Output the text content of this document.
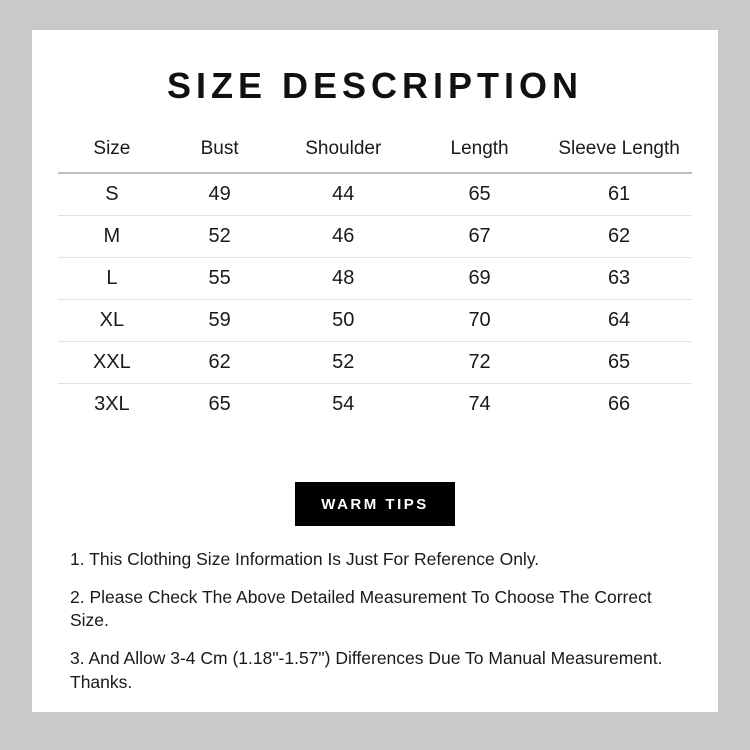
SIZE DESCRIPTION
Size	Bust	Shoulder	Length	Sleeve Length
S	49	44	65	61
M	52	46	67	62
L	55	48	69	63
XL	59	50	70	64
XXL	62	52	72	65
3XL	65	54	74	66
WARM TIPS
1. This Clothing Size Information Is Just For Reference Only.
2. Please Check The Above Detailed Measurement To Choose The Correct Size.
3. And Allow 3-4 Cm (1.18"-1.57") Differences Due To Manual Measurement. Thanks.
